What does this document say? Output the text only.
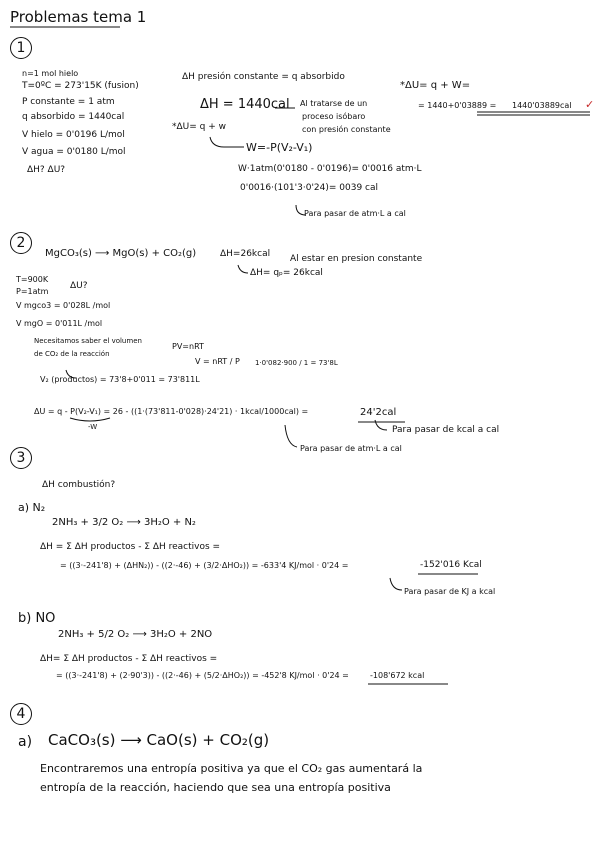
Problemas tema 1
1
n=1 mol hielo
T=0ºC = 273'15K (fusion)
P constante = 1 atm
q absorbido = 1440cal
V hielo = 0'0196 L/mol
V agua = 0'0180 L/mol
ΔH? ΔU?
ΔH presión constante = q absorbido
ΔH = 1440cal Al tratarse de un
proceso isóbaro
con presión constante
*ΔU= q + w
W=-P(V₂-V₁)
W·1atm(0'0180 - 0'0196)= 0'0016 atm·L
0'0016·(101'3·0'24)= 0039 cal
Para pasar de atm·L a cal
*ΔU= q + W=
= 1440+0'03889 = 1440'03889cal ✓
2
MgCO₃(s) ⟶ MgO(s) + CO₂(g)	ΔH=26kcal Al estar en presion constante
ΔH= qₚ= 26kcal
T=900K
P=1atm
ΔU?
V mgco3 = 0'028L /mol
V mgO = 0'011L /mol
Necesitamos saber el volumen
de CO₂ de la reacción
PV=nRT
V = nRT / P 1·0'082·900 / 1 = 73'8L
V₂ (productos) = 73'8+0'011 = 73'811L
ΔU = q - P(V₂-V₁) = 26 - ((1·(73'811-0'028)·24'21) · 1kcal/1000cal) =	24'2cal
-W	Para pasar de kcal a cal
Para pasar de atm·L a cal
3
ΔH combustión?
a) N₂
2NH₃ + 3/2 O₂ ⟶ 3H₂O + N₂
ΔH = Σ ΔH productos - Σ ΔH reactivos =
= ((3·-241'8) + (ΔHN₂)) - ((2·-46) + (3/2·ΔHO₂)) = -633'4 KJ/mol · 0'24 =	-152'016 Kcal
Para pasar de KJ a kcal
b) NO
2NH₃ + 5/2 O₂ ⟶ 3H₂O + 2NO
ΔH= Σ ΔH productos - Σ ΔH reactivos =
= ((3·-241'8) + (2·90'3)) - ((2·-46) + (5/2·ΔHO₂)) = -452'8 KJ/mol · 0'24 =	-108'672 kcal
4
a) CaCO₃(s) ⟶ CaO(s) + CO₂(g)
Encontraremos una entropía positiva ya que el CO₂ gas aumentará la
entropía de la reacción, haciendo que sea una entropía positiva
